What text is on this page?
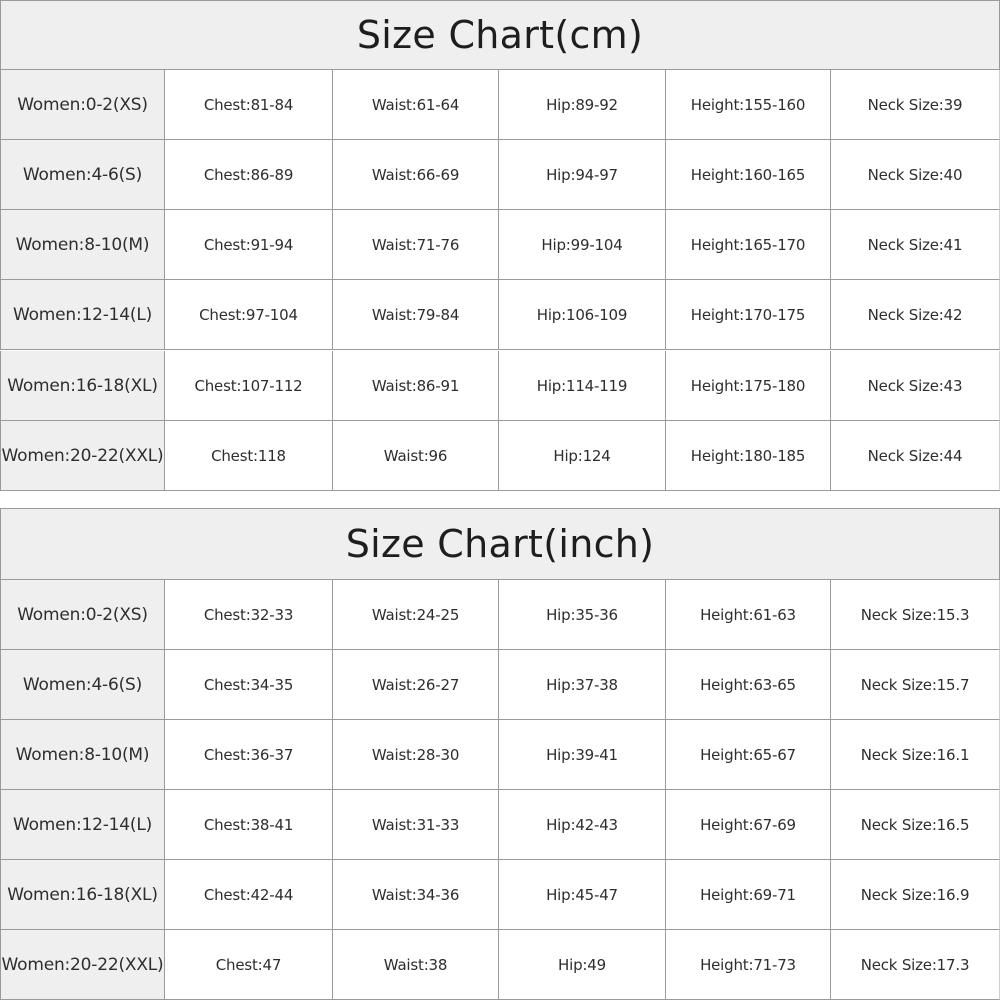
Size Chart(cm)
Women:0-2(XS)	Chest:81-84	Waist:61-64	Hip:89-92	Height:155-160	Neck Size:39
Women:4-6(S)	Chest:86-89	Waist:66-69	Hip:94-97	Height:160-165	Neck Size:40
Women:8-10(M)	Chest:91-94	Waist:71-76	Hip:99-104	Height:165-170	Neck Size:41
Women:12-14(L)	Chest:97-104	Waist:79-84	Hip:106-109	Height:170-175	Neck Size:42
Women:16-18(XL)	Chest:107-112	Waist:86-91	Hip:114-119	Height:175-180	Neck Size:43
Women:20-22(XXL)	Chest:118	Waist:96	Hip:124	Height:180-185	Neck Size:44
Size Chart(inch)
Women:0-2(XS)	Chest:32-33	Waist:24-25	Hip:35-36	Height:61-63	Neck Size:15.3
Women:4-6(S)	Chest:34-35	Waist:26-27	Hip:37-38	Height:63-65	Neck Size:15.7
Women:8-10(M)	Chest:36-37	Waist:28-30	Hip:39-41	Height:65-67	Neck Size:16.1
Women:12-14(L)	Chest:38-41	Waist:31-33	Hip:42-43	Height:67-69	Neck Size:16.5
Women:16-18(XL)	Chest:42-44	Waist:34-36	Hip:45-47	Height:69-71	Neck Size:16.9
Women:20-22(XXL)	Chest:47	Waist:38	Hip:49	Height:71-73	Neck Size:17.3
